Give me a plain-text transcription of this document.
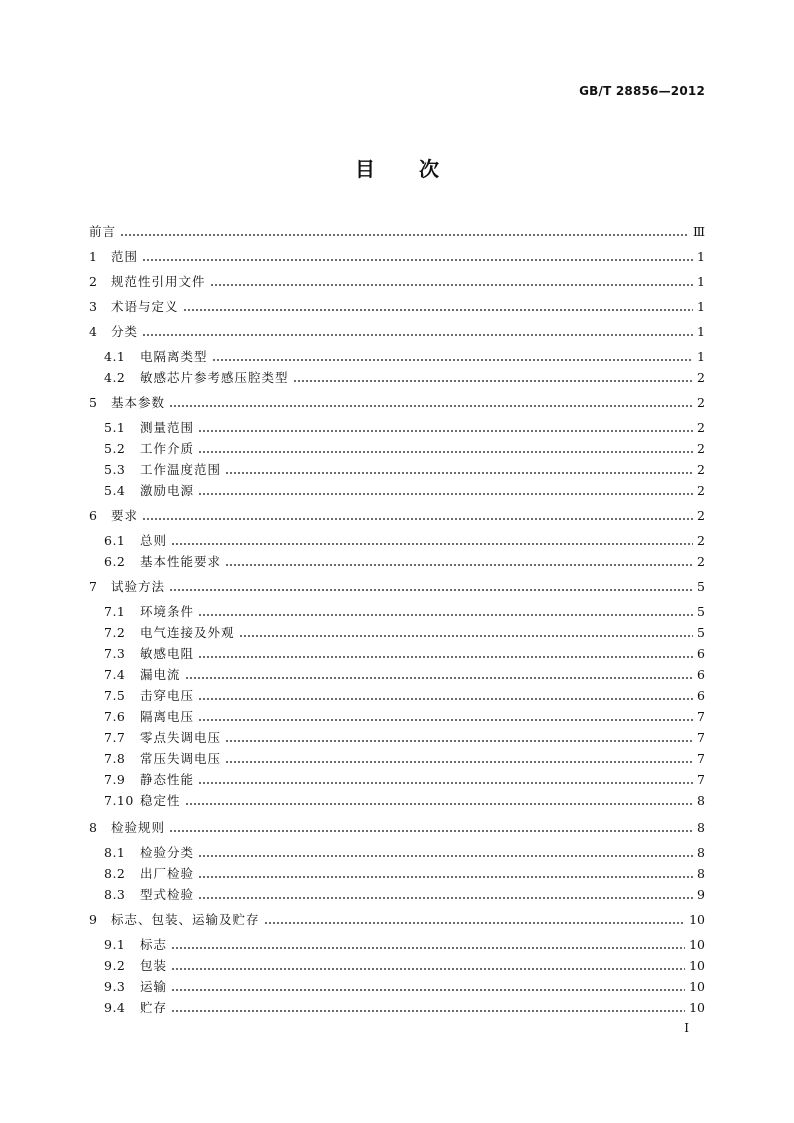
GB/T 28856—2012
目次
前言	Ⅲ
1	范围	1
2	规范性引用文件	1
3	术语与定义	1
4	分类	1
4.1	电隔离类型	1
4.2	敏感芯片参考感压腔类型	2
5	基本参数	2
5.1	测量范围	2
5.2	工作介质	2
5.3	工作温度范围	2
5.4	激励电源	2
6	要求	2
6.1	总则	2
6.2	基本性能要求	2
7	试验方法	5
7.1	环境条件	5
7.2	电气连接及外观	5
7.3	敏感电阻	6
7.4	漏电流	6
7.5	击穿电压	6
7.6	隔离电压	7
7.7	零点失调电压	7
7.8	常压失调电压	7
7.9	静态性能	7
7.10 稳定性	8
8	检验规则	8
8.1	检验分类	8
8.2	出厂检验	8
8.3	型式检验	9
9	标志、包装、运输及贮存	10
9.1	标志	10
9.2	包装	10
9.3	运输	10
9.4	贮存	10
I
